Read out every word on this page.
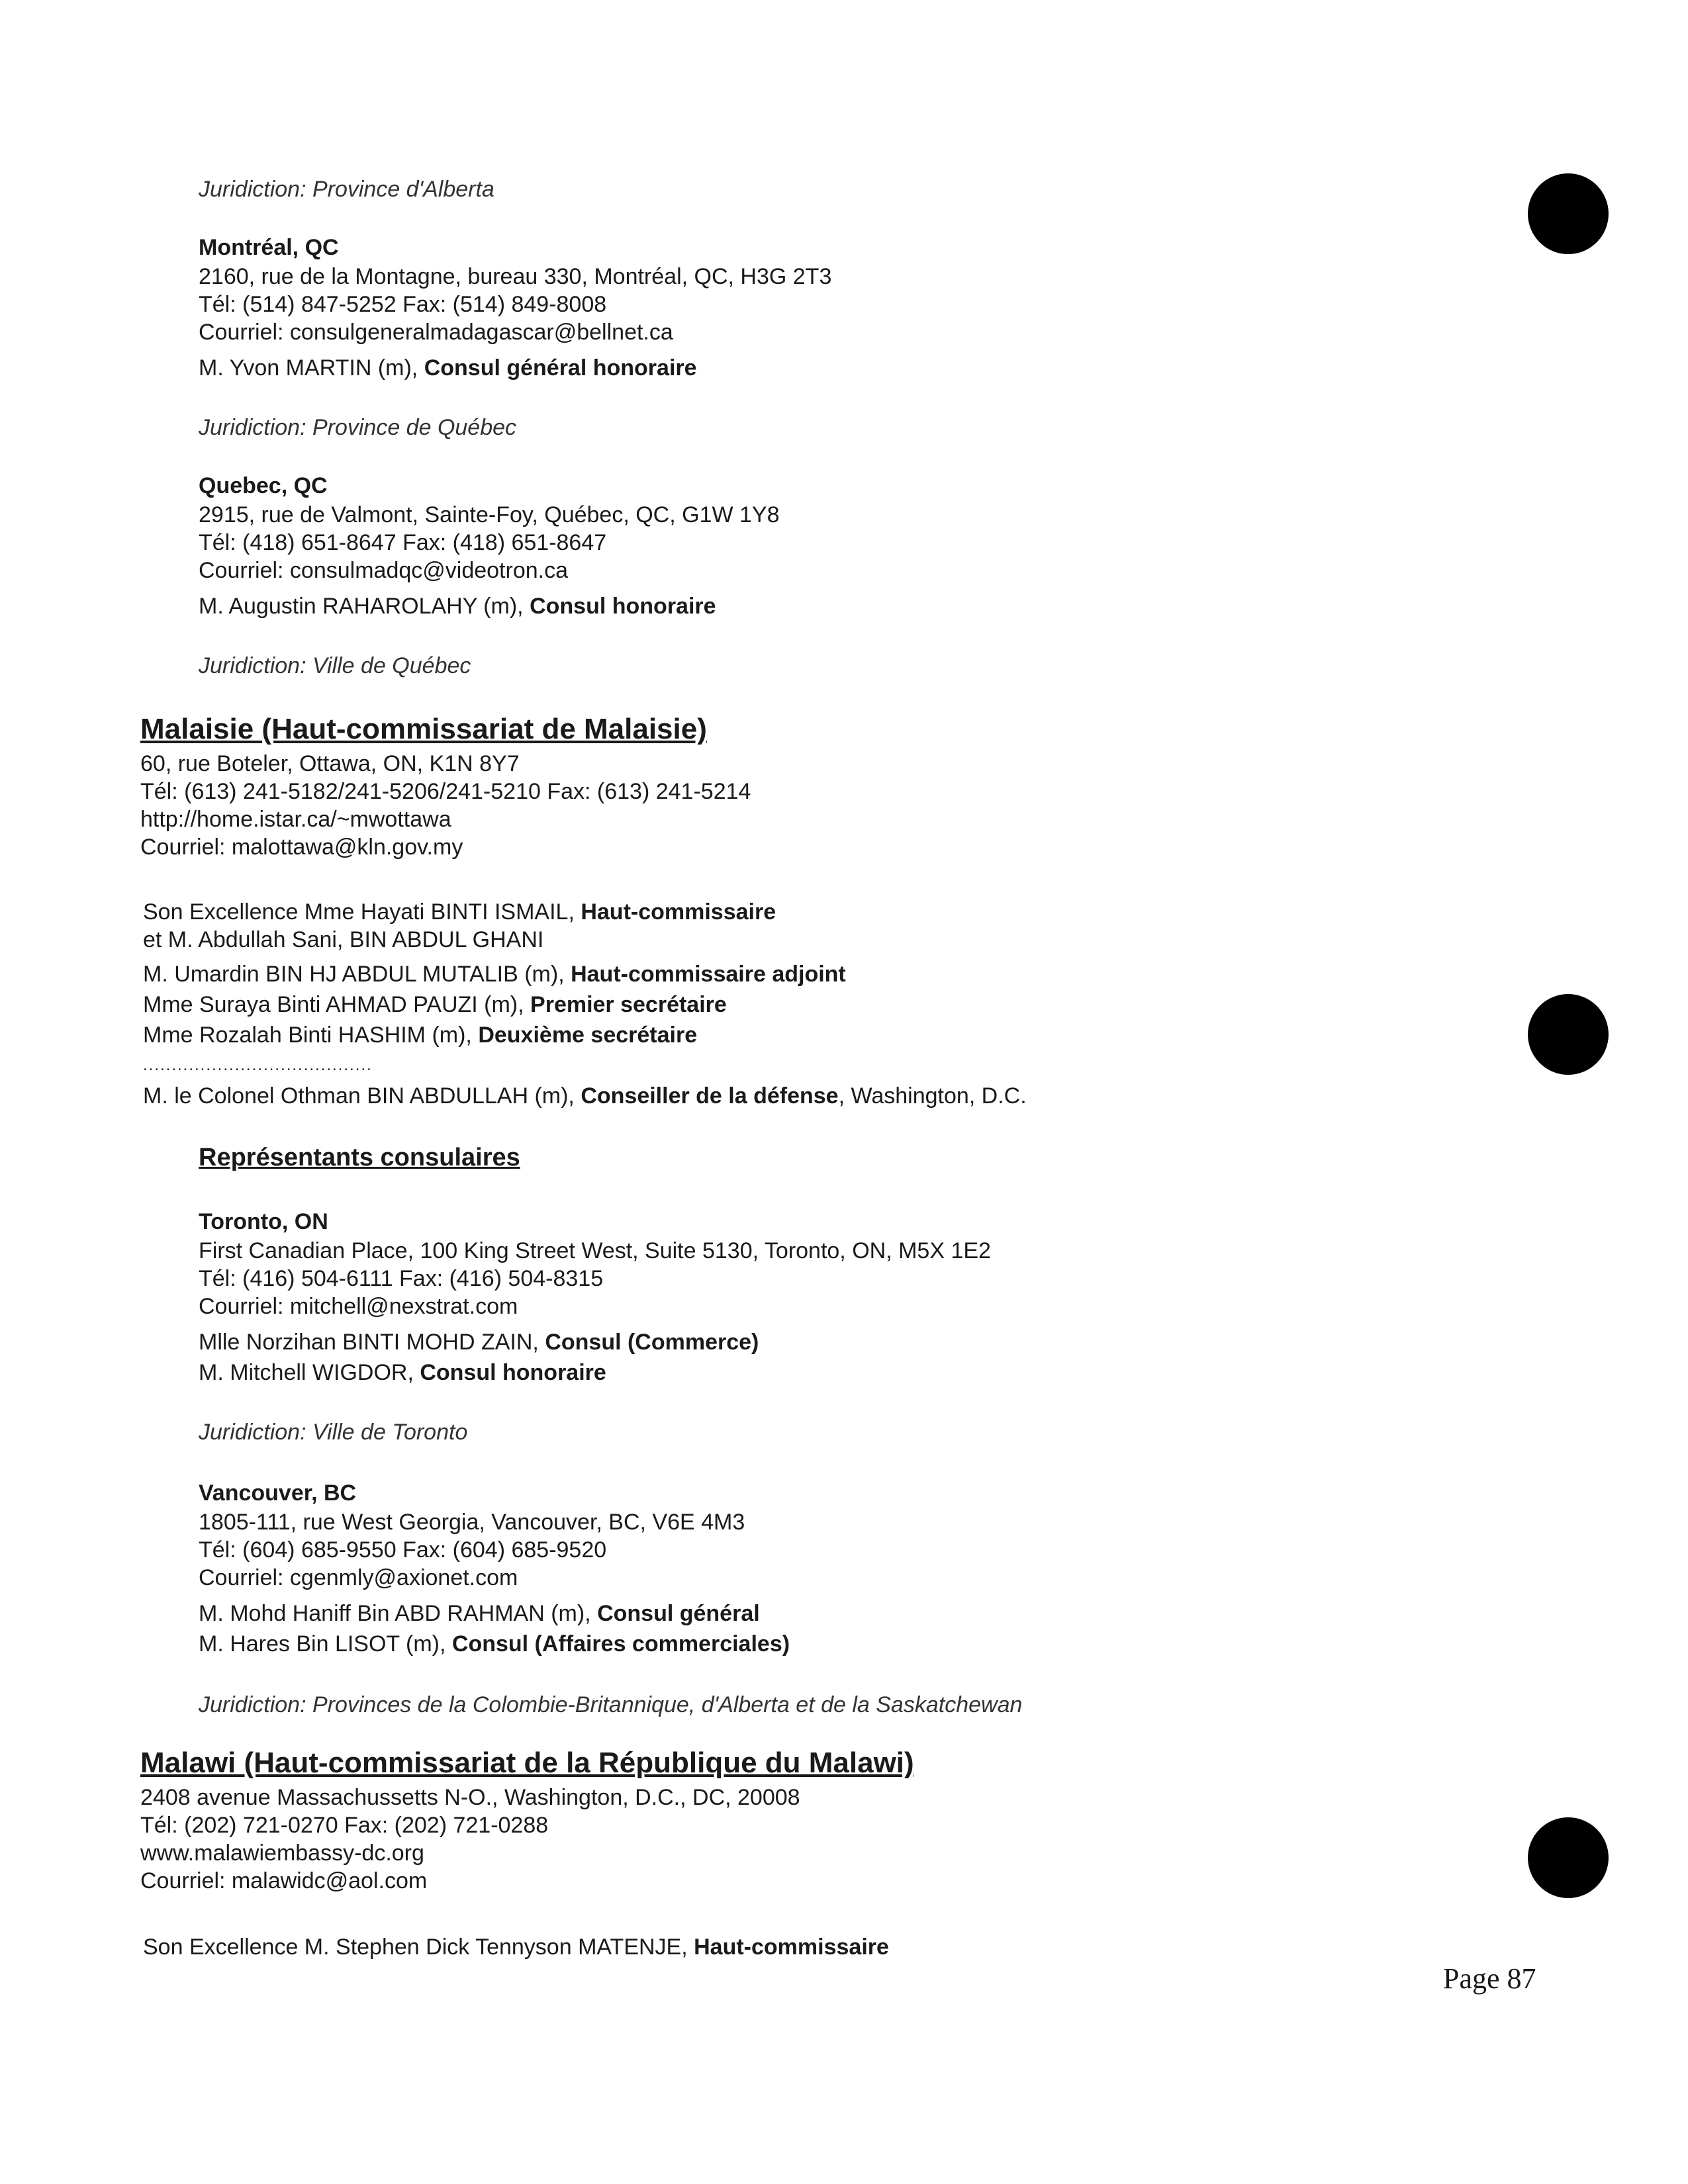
Juridiction: Province d'Alberta
Montréal, QC
2160, rue de la Montagne, bureau 330, Montréal, QC, H3G 2T3
Tél: (514) 847-5252 Fax: (514) 849-8008
Courriel: consulgeneralmadagascar@bellnet.ca
M. Yvon MARTIN (m), Consul général honoraire
Juridiction: Province de Québec
Quebec, QC
2915, rue de Valmont, Sainte-Foy, Québec, QC, G1W 1Y8
Tél: (418) 651-8647 Fax: (418) 651-8647
Courriel: consulmadqc@videotron.ca
M. Augustin RAHAROLAHY (m), Consul honoraire
Juridiction: Ville de Québec
Malaisie (Haut-commissariat de Malaisie)
60, rue Boteler, Ottawa, ON, K1N 8Y7
Tél: (613) 241-5182/241-5206/241-5210 Fax: (613) 241-5214
http://home.istar.ca/~mwottawa
Courriel: malottawa@kln.gov.my
Son Excellence Mme Hayati BINTI ISMAIL, Haut-commissaire
et M. Abdullah Sani, BIN ABDUL GHANI
M. Umardin BIN HJ ABDUL MUTALIB (m), Haut-commissaire adjoint
Mme Suraya Binti AHMAD PAUZI (m), Premier secrétaire
Mme Rozalah Binti HASHIM (m), Deuxième secrétaire
........................................
M. le Colonel Othman BIN ABDULLAH (m), Conseiller de la défense, Washington, D.C.
Représentants consulaires
Toronto, ON
First Canadian Place, 100 King Street West, Suite 5130, Toronto, ON, M5X 1E2
Tél: (416) 504-6111 Fax: (416) 504-8315
Courriel: mitchell@nexstrat.com
Mlle Norzihan BINTI MOHD ZAIN, Consul (Commerce)
M. Mitchell WIGDOR, Consul honoraire
Juridiction: Ville de Toronto
Vancouver, BC
1805-111, rue West Georgia, Vancouver, BC, V6E 4M3
Tél: (604) 685-9550 Fax: (604) 685-9520
Courriel: cgenmly@axionet.com
M. Mohd Haniff Bin ABD RAHMAN (m), Consul général
M. Hares Bin LISOT (m), Consul (Affaires commerciales)
Juridiction: Provinces de la Colombie-Britannique, d'Alberta et de la Saskatchewan
Malawi (Haut-commissariat de la République du Malawi)
2408 avenue Massachussetts N-O., Washington, D.C., DC, 20008
Tél: (202) 721-0270 Fax: (202) 721-0288
www.malawiembassy-dc.org
Courriel: malawidc@aol.com
Son Excellence M. Stephen Dick Tennyson MATENJE, Haut-commissaire
Page 87
